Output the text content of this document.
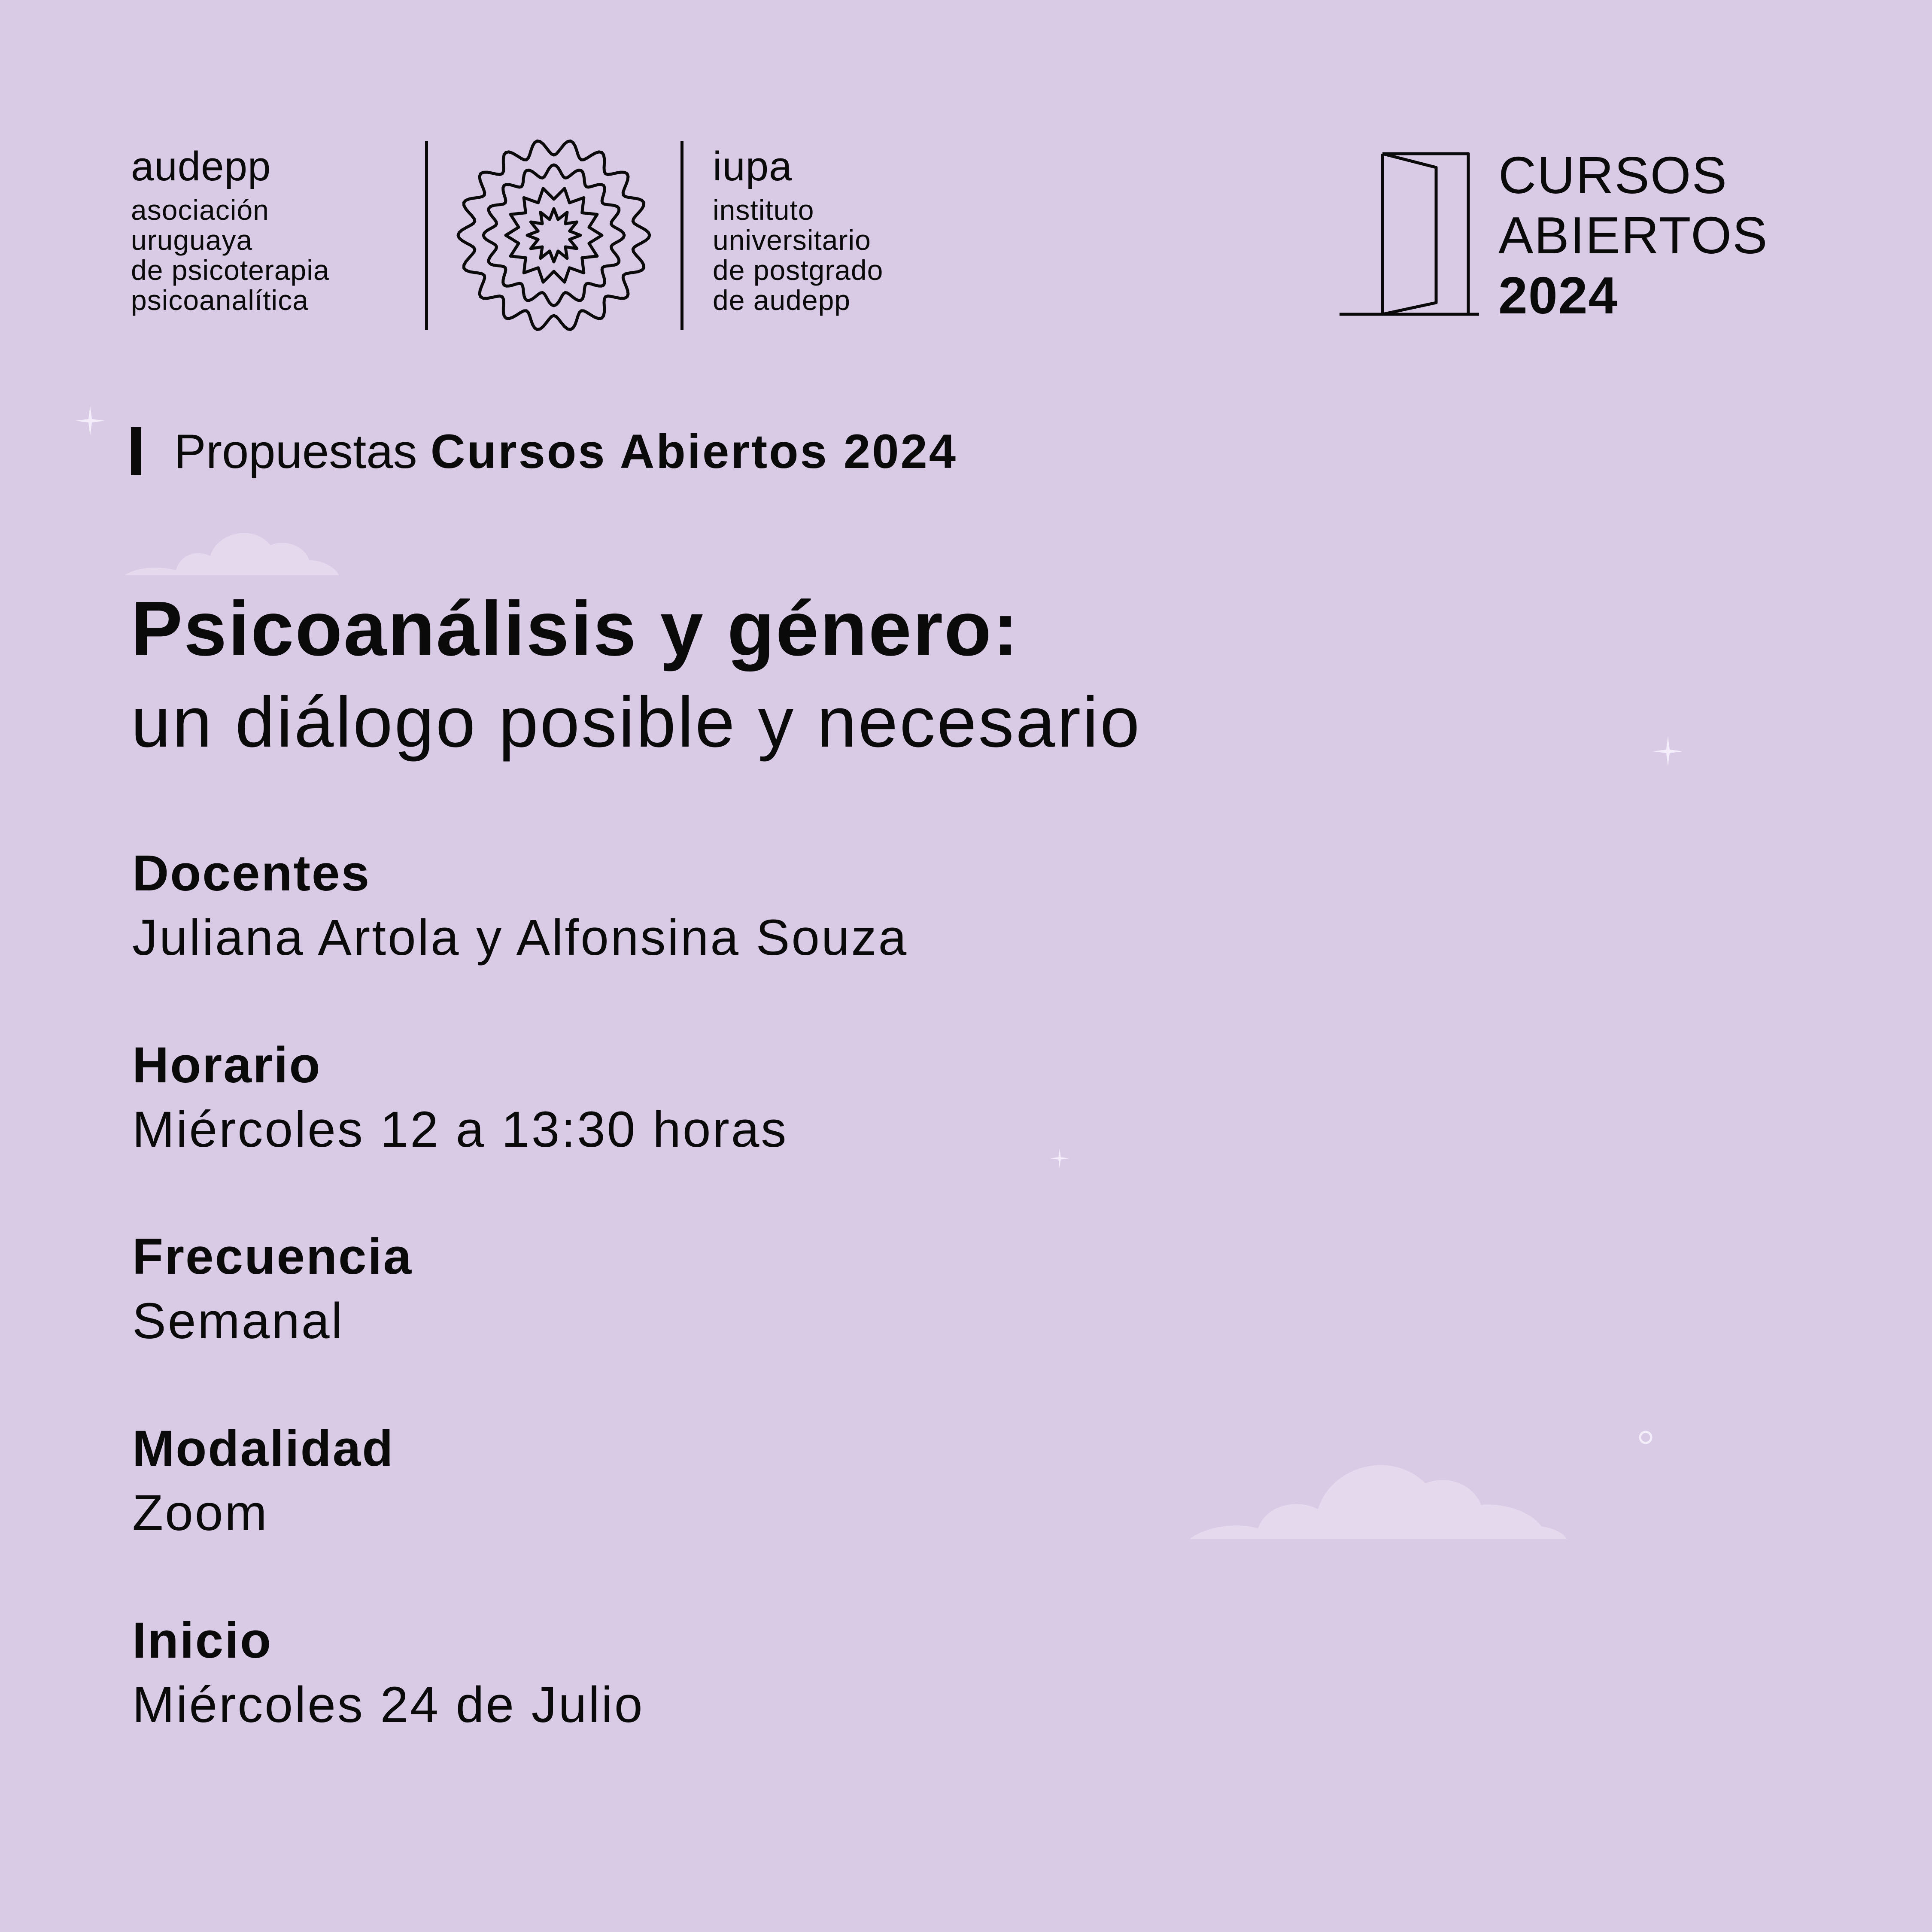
audepp
asociación
uruguaya
de psicoterapia
psicoanalítica
iupa
instituto
universitario
de postgrado
de audepp
CURSOS
ABIERTOS
2024
Propuestas Cursos Abiertos 2024
Psicoanálisis y género:
un diálogo posible y necesario
Docentes
Juliana Artola y Alfonsina Souza
Horario
Miércoles 12 a 13:30 horas
Frecuencia
Semanal
Modalidad
Zoom
Inicio
Miércoles 24 de Julio
